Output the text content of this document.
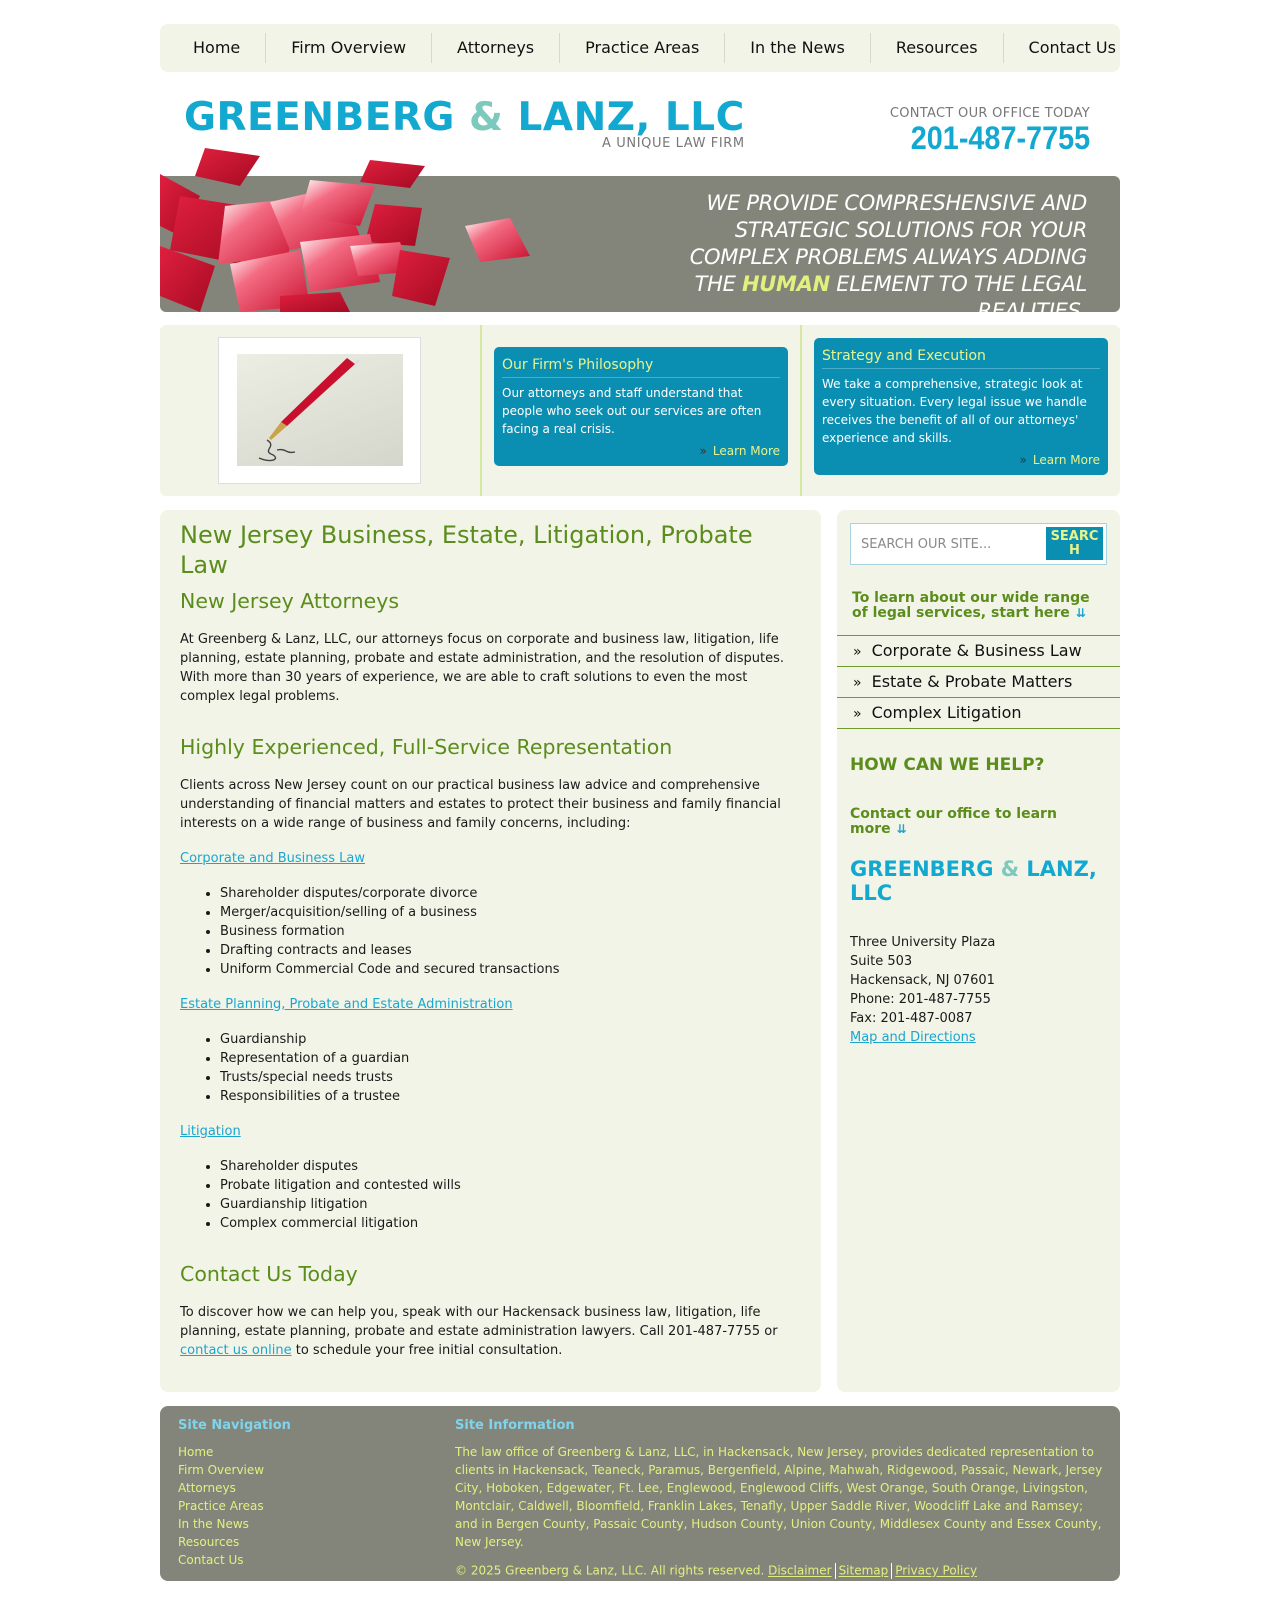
Home	Firm Overview	Attorneys	Practice Areas	In the News	Resources	Contact Us
GREENBERG & LANZ, LLC
A UNIQUE LAW FIRM
CONTACT OUR OFFICE TODAY
201-487-7755
WE PROVIDE COMPRESHENSIVE AND STRATEGIC SOLUTIONS FOR YOUR COMPLEX PROBLEMS ALWAYS ADDING THE HUMAN ELEMENT TO THE LEGAL REALITIES.
Our Firm's Philosophy
Our attorneys and staff understand that people who seek out our services are often facing a real crisis.
» Learn More
Strategy and Execution
We take a comprehensive, strategic look at every situation. Every legal issue we handle receives the benefit of all of our attorneys' experience and skills.
» Learn More
New Jersey Business, Estate, Litigation, Probate Law
New Jersey Attorneys

At Greenberg & Lanz, LLC, our attorneys focus on corporate and business law, litigation, life planning, estate planning, probate and estate administration, and the resolution of disputes. With more than 30 years of experience, we are able to craft solutions to even the most complex legal problems.

Highly Experienced, Full-Service Representation

Clients across New Jersey count on our practical business law advice and comprehensive understanding of financial matters and estates to protect their business and family financial interests on a wide range of business and family concerns, including:

Corporate and Business Law

• Shareholder disputes/corporate divorce
• Merger/acquisition/selling of a business
• Business formation
• Drafting contracts and leases
• Uniform Commercial Code and secured transactions

Estate Planning, Probate and Estate Administration

• Guardianship
• Representation of a guardian
• Trusts/special needs trusts
• Responsibilities of a trustee

Litigation

• Shareholder disputes
• Probate litigation and contested wills
• Guardianship litigation
• Complex commercial litigation
Contact Us Today

To discover how we can help you, speak with our Hackensack business law, litigation, life planning, estate planning, probate and estate administration lawyers. Call 201-487-7755 or contact us online to schedule your free initial consultation.

SEARCH OUR SITE...
SEARCH
To learn about our wide range of legal services, start here ⇊
» Corporate & Business Law
» Estate & Probate Matters
» Complex Litigation
HOW CAN WE HELP?
Contact our office to learn more ⇊
GREENBERG & LANZ, LLC
Three University Plaza
Suite 503
Hackensack, NJ 07601
Phone: 201-487-7755
Fax: 201-487-0087
Map and Directions
Site Navigation
Home
Firm Overview
Attorneys
Practice Areas
In the News
Resources
Contact Us
Site Information

The law office of Greenberg & Lanz, LLC, in Hackensack, New Jersey, provides dedicated representation to clients in Hackensack, Teaneck, Paramus, Bergenfield, Alpine, Mahwah, Ridgewood, Passaic, Newark, Jersey City, Hoboken, Edgewater, Ft. Lee, Englewood, Englewood Cliffs, West Orange, South Orange, Livingston, Montclair, Caldwell, Bloomfield, Franklin Lakes, Tenafly, Upper Saddle River, Woodcliff Lake and Ramsey; and in Bergen County, Passaic County, Hudson County, Union County, Middlesex County and Essex County, New Jersey.

© 2025 Greenberg & Lanz, LLC. All rights reserved. Disclaimer Sitemap Privacy Policy
